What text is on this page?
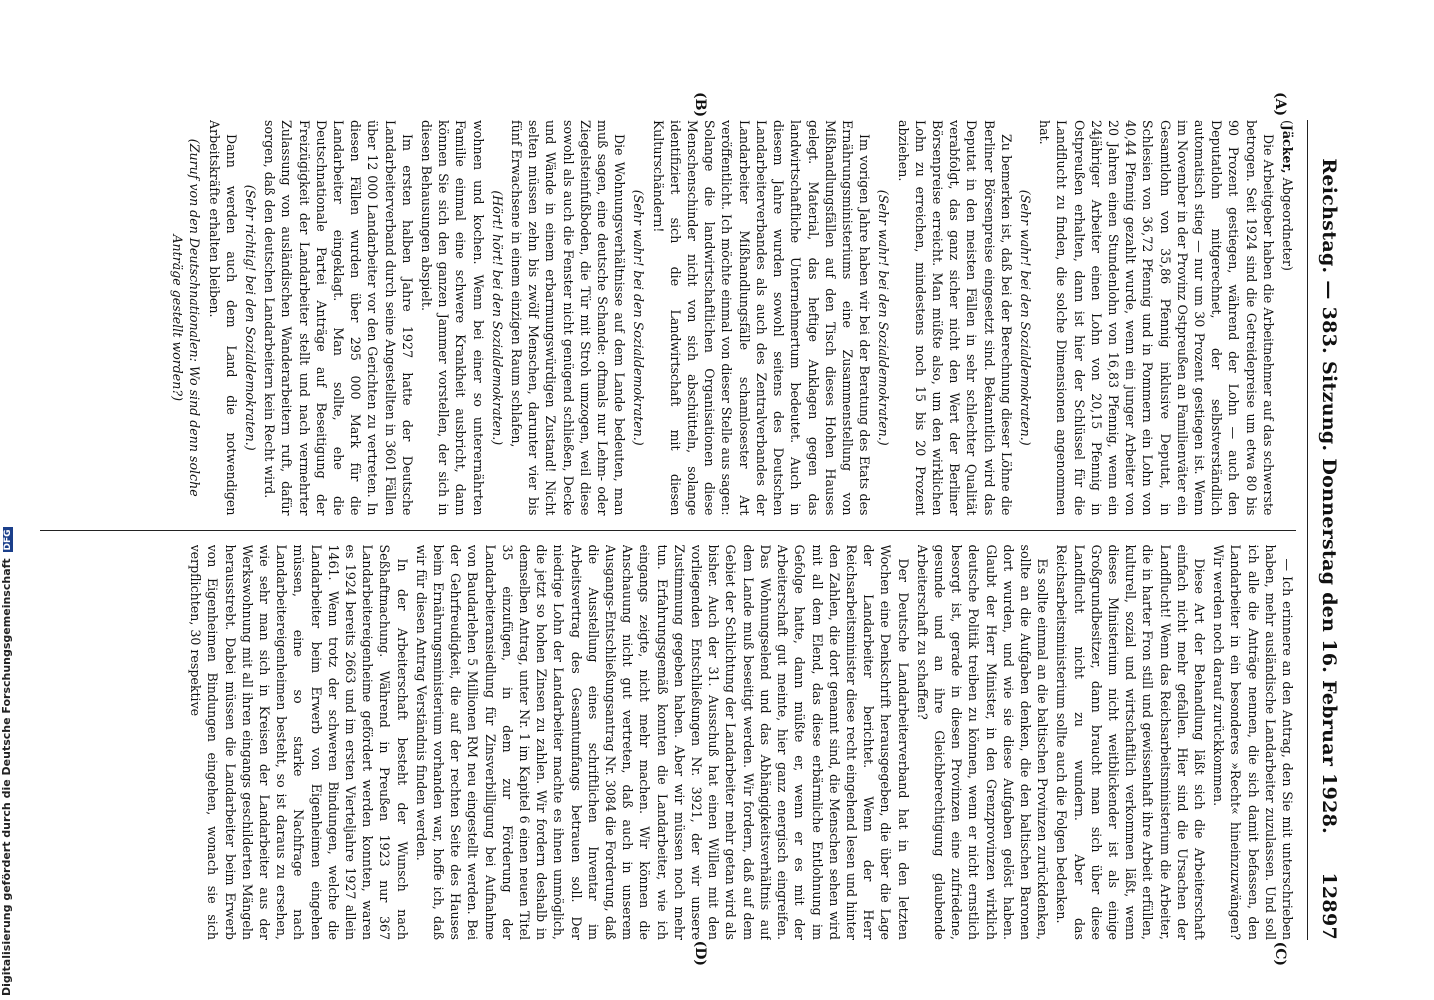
Reichstag. — 383. Sitzung. Donnerstag den 16. Februar 1928.
12897
(A)
(B)
(C)
(D)

(Jäcker, Abgeordneter)

Die Arbeitgeber haben die Arbeitnehmer auf das schwerste betrogen. Seit 1924 sind die Getreidepreise um etwa 80 bis 90 Prozent gestiegen, während der Lohn — auch den Deputatlohn mitgerechnet, der selbstverständlich automatisch stieg — nur um 30 Prozent gestiegen ist. Wenn im November in der Provinz Ostpreußen an Familienväter ein Gesamtlohn von 35,86 Pfennig inklusive Deputat, in Schlesien von 36,72 Pfennig und in Pommern ein Lohn von 40,44 Pfennig gezahlt wurde, wenn ein junger Arbeiter von 20 Jahren einen Stundenlohn von 16,83 Pfennig, wenn ein 24jähriger Arbeiter einen Lohn von 20,15 Pfennig in Ostpreußen erhalten, dann ist hier der Schlüssel für die Landflucht zu finden, die solche Dimensionen angenommen hat.

(Sehr wahr! bei den Sozialdemokraten.)

Zu bemerken ist, daß bei der Berechnung dieser Löhne die Berliner Börsenpreise eingesetzt sind. Bekanntlich wird das Deputat in den meisten Fällen in sehr schlechter Qualität verabfolgt, das ganz sicher nicht den Wert der Berliner Börsenpreise erreicht. Man müßte also, um den wirklichen Lohn zu erreichen, mindestens noch 15 bis 20 Prozent abziehen.

(Sehr wahr! bei den Sozialdemokraten.)

Im vorigen Jahre haben wir bei der Beratung des Etats des Ernährungsministeriums eine Zusammenstellung von Mißhandlungsfällen auf den Tisch dieses Hohen Hauses gelegt. Material, das heftige Anklagen gegen das landwirtschaftliche Unternehmertum bedeutet. Auch in diesem Jahre wurden sowohl seitens des Deutschen Landarbeiterverbandes als auch des Zentralverbandes der Landarbeiter Mißhandlungsfälle schamlosester Art veröffentlicht. Ich möchte einmal von dieser Stelle aus sagen: Solange die landwirtschaftlichen Organisationen diese Menschenschinder nicht von sich abschütteln, solange identifiziert sich die Landwirtschaft mit diesen Kulturschändern!

(Sehr wahr! bei den Sozialdemokraten.)

Die Wohnungsverhältnisse auf dem Lande bedeuten, man muß sagen, eine deutsche Schande: oftmals nur Lehm- oder Ziegelsteinfußboden, die Tür mit Stroh umzogen, weil diese sowohl als auch die Fenster nicht genügend schließen, Decke und Wände in einem erbarmungswürdigen Zustand! Nicht selten müssen zehn bis zwölf Menschen, darunter vier bis fünf Erwachsene in einem einzigen Raum schlafen,

(Hört! hört! bei den Sozialdemokraten.)

wohnen und kochen. Wenn bei einer so unterernährten Familie einmal eine schwere Krankheit ausbricht, dann können Sie sich den ganzen Jammer vorstellen, der sich in diesen Behausungen abspielt.

Im ersten halben Jahre 1927 hatte der Deutsche Landarbeiterverband durch seine Angestellten in 3601 Fällen über 12 000 Landarbeiter vor den Gerichten zu vertreten. In diesen Fällen wurden über 295 000 Mark für die Landarbeiter eingeklagt. Man sollte, ehe die Deutschnationale Partei Anträge auf Beseitigung der Freizügigkeit der Landarbeiter stellt und nach vermehrter Zulassung von ausländischen Wanderarbeitern ruft, dafür sorgen, daß den deutschen Landarbeitern kein Recht wird.

(Sehr richtig! bei den Sozialdemokraten.)

Dann werden auch dem Land die notwendigen Arbeitskräfte erhalten bleiben.

(Zuruf von den Deutschnationalen: Wo sind denn solche Anträge gestellt worden?)

— Ich erinnere an den Antrag, den Sie mit unterschrieben haben, mehr ausländische Landarbeiter zuzulassen. Und soll ich alle die Anträge nennen, die sich damit befassen, den Landarbeiter in ein besonderes »Recht« hineinzuzwängen? Wir werden noch darauf zurückkommen.

Diese Art der Behandlung läßt sich die Arbeiterschaft einfach nicht mehr gefallen. Hier sind die Ursachen der Landflucht! Wenn das Reichsarbeitsministerium die Arbeiter, die in harter Fron still und gewissenhaft ihre Arbeit erfüllen, kulturell, sozial und wirtschaftlich verkommen läßt, wenn dieses Ministerium nicht weitblickender ist als einige Großgrundbesitzer, dann braucht man sich über diese Landflucht nicht zu wundern. Aber das Reichsarbeitsministerium sollte auch die Folgen bedenken.

Es sollte einmal an die baltischen Provinzen zurückdenken, sollte an die Aufgaben denken, die den baltischen Baronen dort wurden, und wie sie diese Aufgaben gelöst haben. Glaubt der Herr Minister, in den Grenzprovinzen wirklich deutsche Politik treiben zu können, wenn er nicht ernstlich besorgt ist, gerade in diesen Provinzen eine zufriedene, gesunde und an ihre Gleichberechtigung glaubende Arbeiterschaft zu schaffen?

Der Deutsche Landarbeiterverband hat in den letzten Wochen eine Denkschrift herausgegeben, die über die Lage der Landarbeiter berichtet. Wenn der Herr Reichsarbeitsminister diese recht eingehend lesen und hinter den Zahlen, die dort genannt sind, die Menschen sehen wird mit all dem Elend, das diese erbärmliche Entlohnung im Gefolge hatte, dann müßte er, wenn er es mit der Arbeiterschaft gut meinte, hier ganz energisch eingreifen. Das Wohnungselend und das Abhängigkeitsverhältnis auf dem Lande muß beseitigt werden. Wir fordern, daß auf dem Gebiet der Schlichtung der Landarbeiter mehr getan wird als bisher. Auch der 31. Ausschuß hat einen Willen mit den vorliegenden Entschließungen Nr. 3921, der wir unsere Zustimmung gegeben haben. Aber wir müssen noch mehr tun. Erfahrungsgemäß konnten die Landarbeiter, wie ich eingangs zeigte, nicht mehr machen. Wir können die Anschauung nicht gut vertreten, daß auch in unserem Ausgangs-Entschließungsantrag Nr. 3084 die Forderung, daß die Ausstellung eines schriftlichen Inventar im Arbeitsvertrag des Gesamtumfangs betrauen soll. Der niedrige Lohn der Landarbeiter machte es ihnen unmöglich, die jetzt so hohen Zinsen zu zahlen. Wir fordern deshalb in demselben Antrag, unter Nr. 1 im Kapitel 6 einen neuen Titel 35 einzufügen, in dem zur Förderung der Landarbeiteransiedlung für Zinsverbilligung bei Aufnahme von Baudarlehen 5 Millionen RM neu eingestellt werden. Bei der Gehrfreudigkeit, die auf der rechten Seite des Hauses beim Ernährungsministerium vorhanden war, hoffe ich, daß wir für diesen Antrag Verständnis finden werden.

In der Arbeiterschaft besteht der Wunsch nach Seßhaftmachung. Während in Preußen 1923 nur 367 Landarbeitereigenheime gefördert werden konnten, waren es 1924 bereits 2663 und im ersten Vierteljahre 1927 allein 1461. Wenn trotz der schweren Bindungen, welche die Landarbeiter beim Erwerb von Eigenheimen eingehen müssen, eine so starke Nachfrage nach Landarbeitereigenheimen besteht, so ist daraus zu ersehen, wie sehr man sich in Kreisen der Landarbeiter aus der Werkswohnung mit all ihren eingangs geschilderten Mängeln herausstrebt. Dabei müssen die Landarbeiter beim Erwerb von Eigenheimen Bindungen eingehen, wonach sie sich verpflichten, 30 respektive

Digitalisierung gefördert durch die Deutsche Forschungsgemeinschaft DFG
